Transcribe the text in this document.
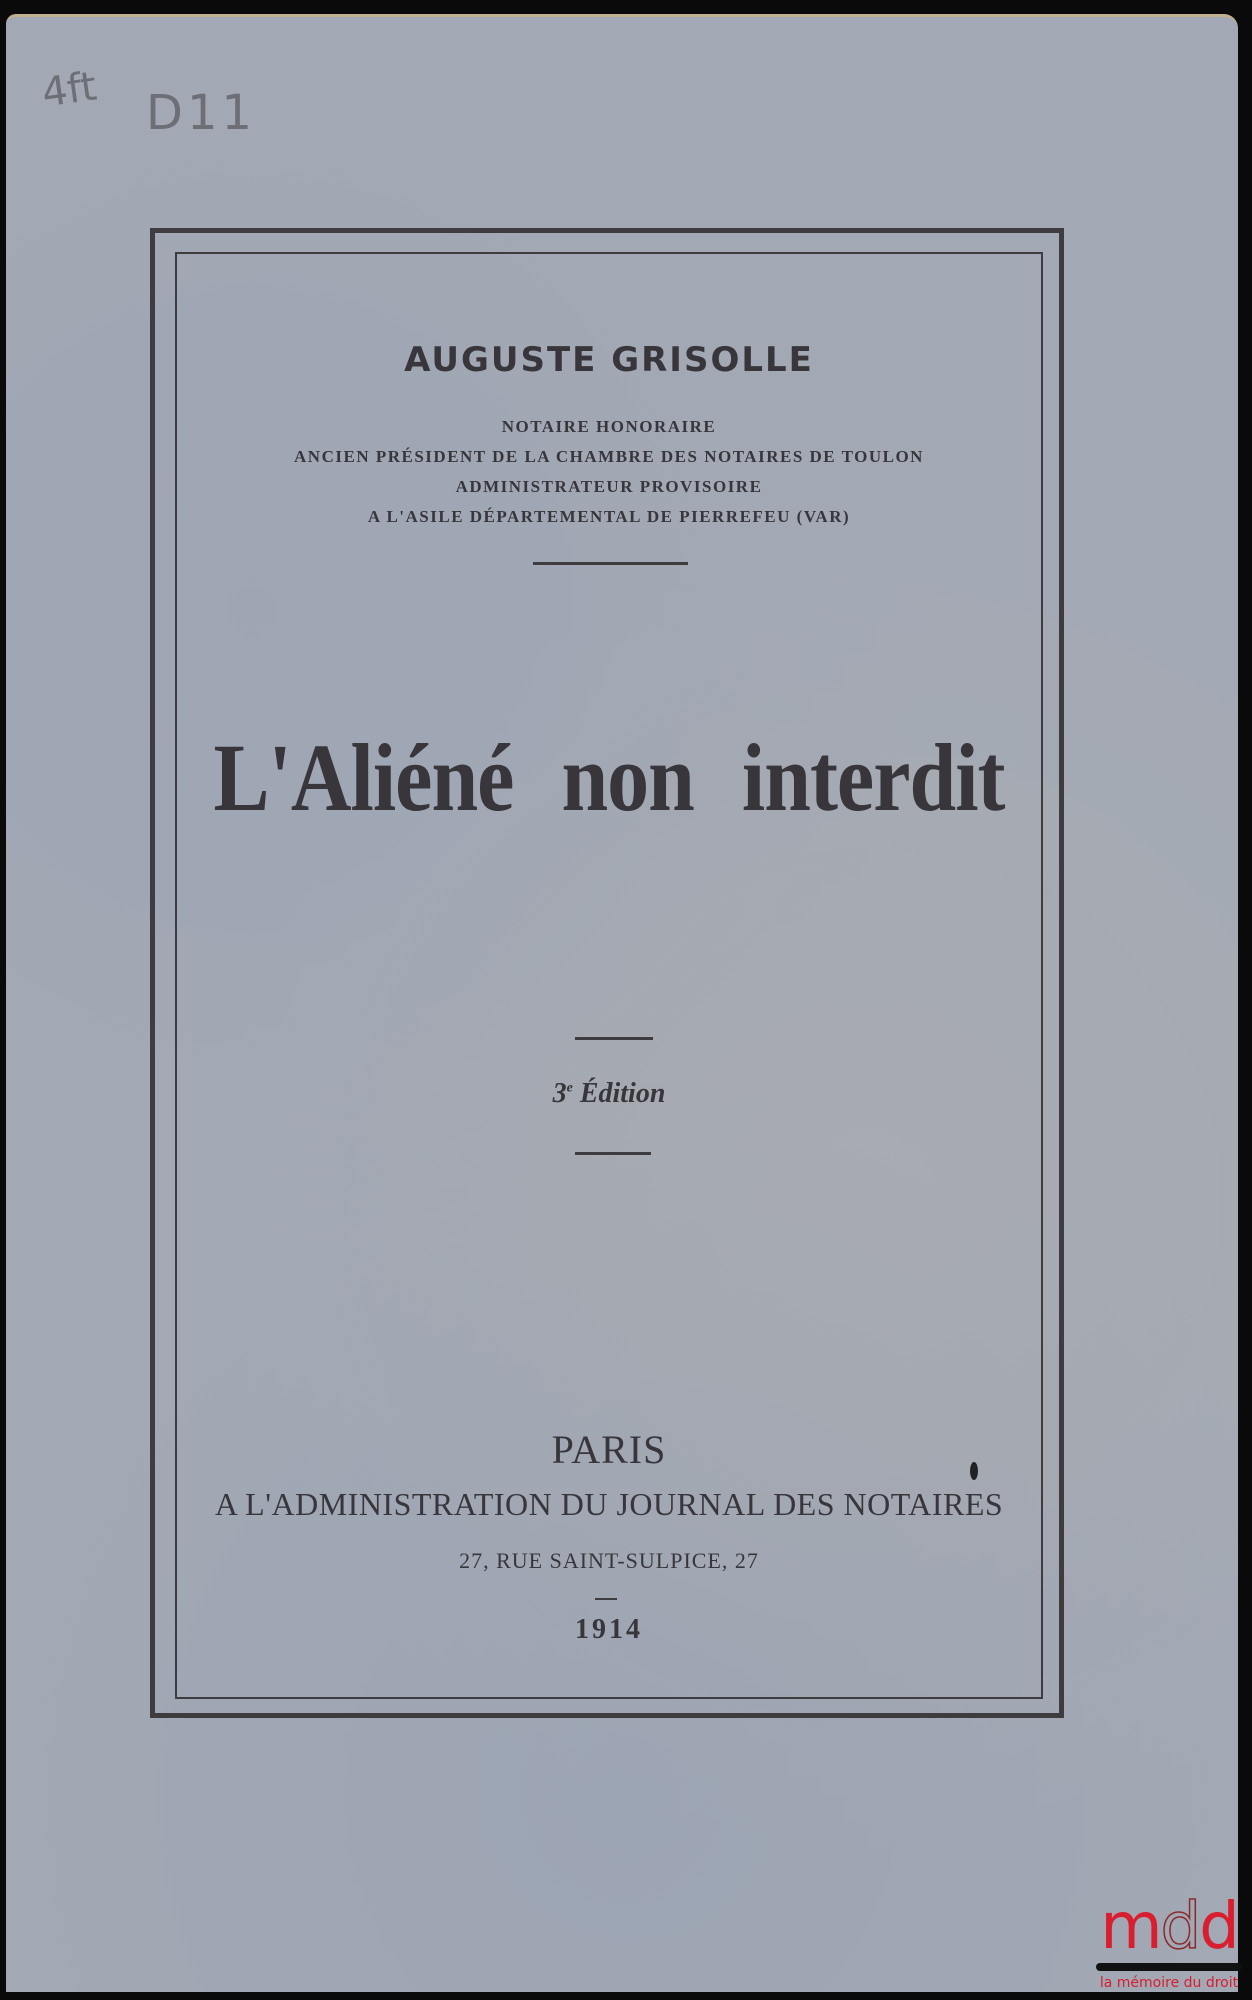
4ft D11
AUGUSTE GRISOLLE
NOTAIRE HONORAIRE
ANCIEN PRÉSIDENT DE LA CHAMBRE DES NOTAIRES DE TOULON
ADMINISTRATEUR PROVISOIRE
A L'ASILE DÉPARTEMENTAL DE PIERREFEU (VAR)
L'Aliéné non interdit
3e Édition
PARIS
A L'ADMINISTRATION DU JOURNAL DES NOTAIRES
27, RUE SAINT-SULPICE, 27
1914
mdd
la mémoire du droit
